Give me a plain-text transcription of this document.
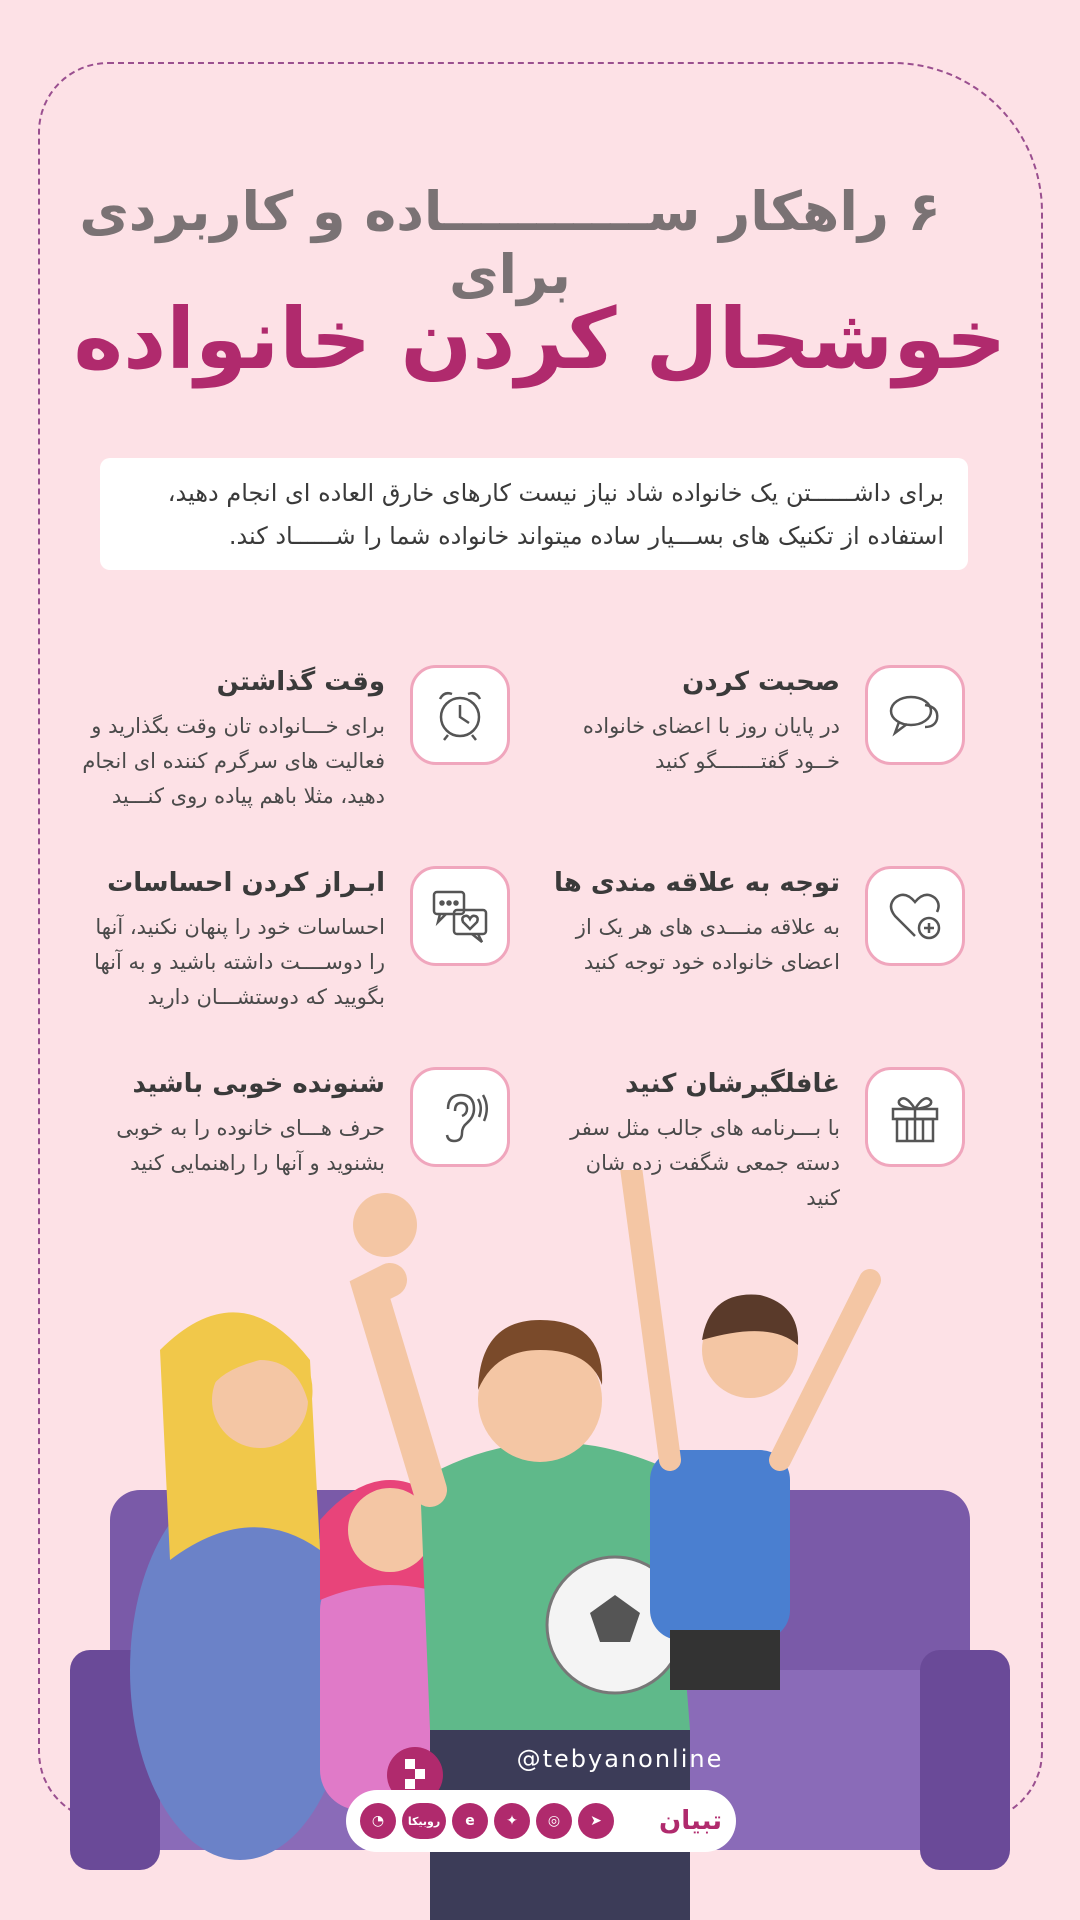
۶ راهکار ســـــــــــاده و کاربردی برای
خوشحال کردن خانواده
برای داشــــــتن یک خانواده شاد نیاز نیست کارهای خارق العاده ای انجام دهید،
استفاده از تکنیک های بســـیار ساده میتواند خانواده شما را شــــــاد کند.
صحبت کردن
در پایان روز با اعضای خانواده
خــود گفتـــــــگو کنید
وقت گذاشتن
برای خـــانواده تان وقت بگذارید و
فعالیت های سرگرم کننده ای انجام
دهید، مثلا باهم پیاده روی کنـــید
توجه به علاقه مندی ها
به علاقه منـــدی های هر یک از
اعضای خانواده خود توجه کنید
ابـراز کردن احساسات
احساسات خود را پنهان نکنید، آنها
را دوســــت داشته باشید و به آنها
بگویید که دوستشـــان دارید
غافلگیرشان کنید
با بـــرنامه های جالب مثل سفر
دسته جمعی شگفت زده شان
کنید
شنونده خوبی باشید
حرف هـــای خانوده را به خوبی
بشنوید و آنها را راهنمایی کنید
@tebyanonline
◔	روبیکا	e	✦	◎	➤	تبیان
